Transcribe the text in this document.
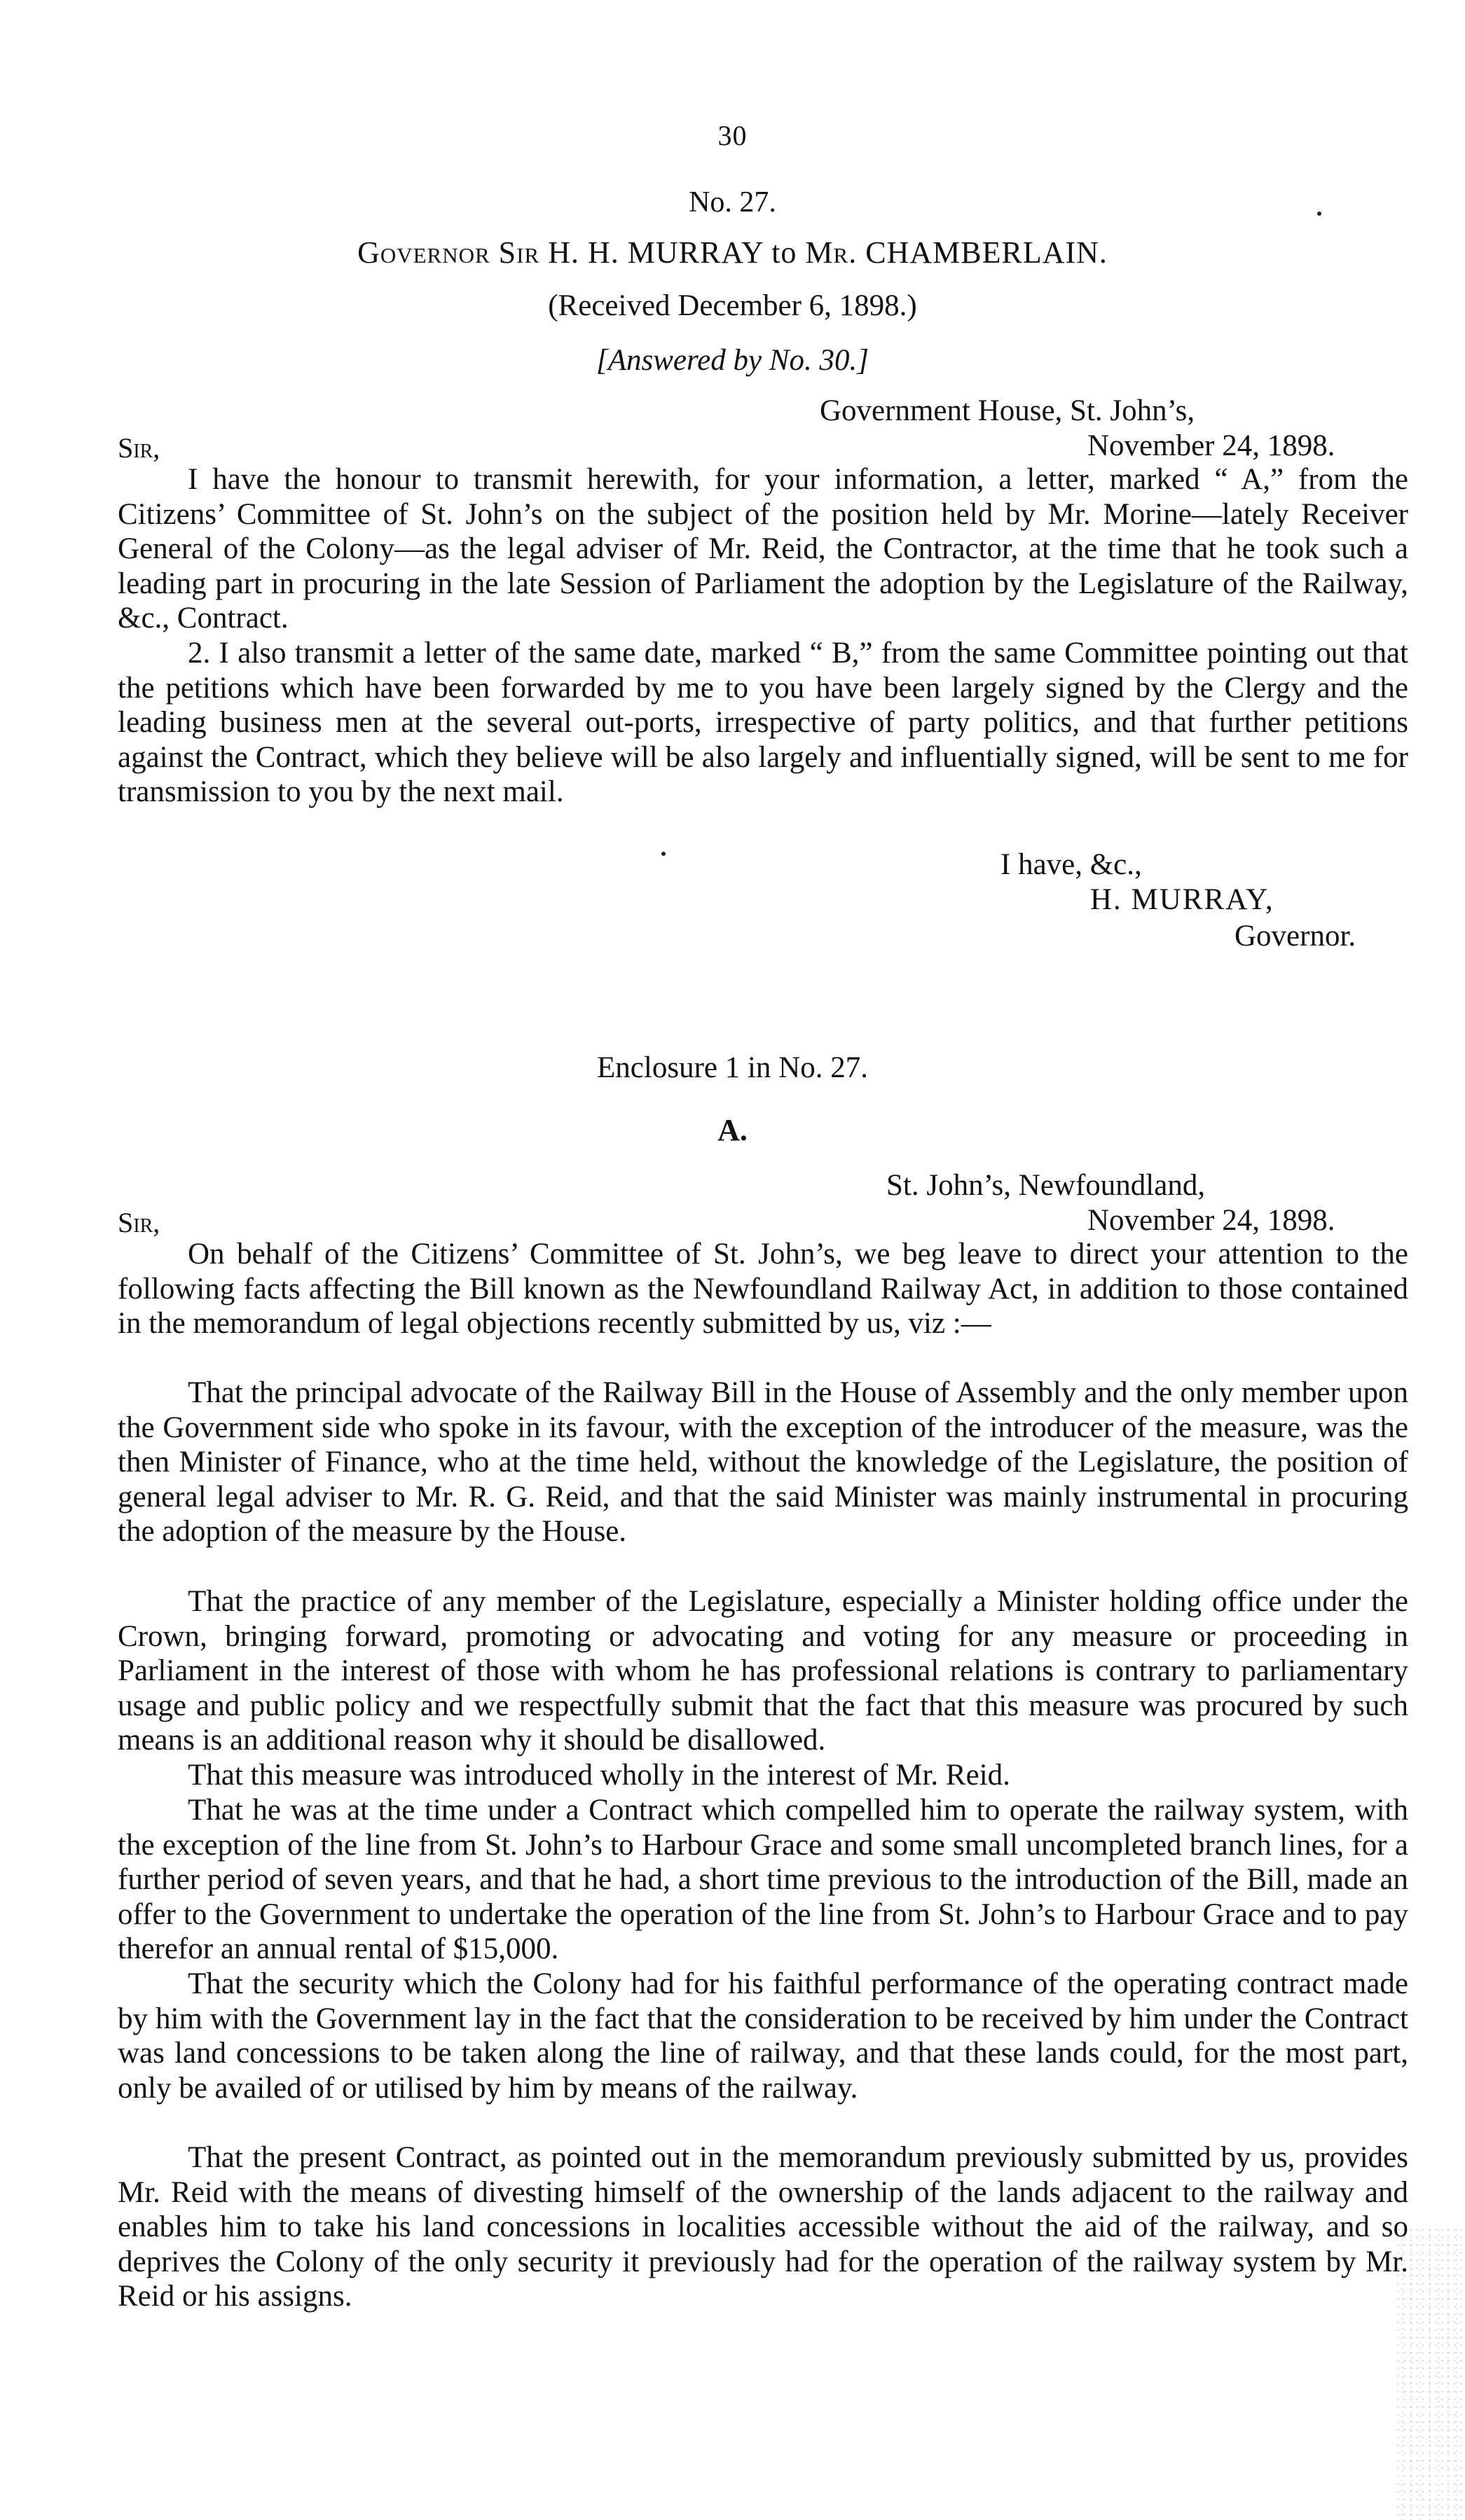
30
No. 27.
Governor Sir H. H. MURRAY to Mr. CHAMBERLAIN.
(Received December 6, 1898.)
[Answered by No. 30.]
Government House, St. John’s,
Sir,	November 24, 1898.
I have the honour to transmit herewith, for your information, a letter, marked “ A,” from the Citizens’ Committee of St. John’s on the subject of the position held by Mr. Morine—lately Receiver General of the Colony—as the legal adviser of Mr. Reid, the Contractor, at the time that he took such a leading part in procuring in the late Session of Parliament the adoption by the Legislature of the Railway, &c., Contract.
2. I also transmit a letter of the same date, marked “ B,” from the same Committee pointing out that the petitions which have been forwarded by me to you have been largely signed by the Clergy and the leading business men at the several out-ports, irrespective of party politics, and that further petitions against the Contract, which they believe will be also largely and influentially signed, will be sent to me for transmission to you by the next mail.
I have, &c.,
H. MURRAY,
Governor.
Enclosure 1 in No. 27.
A.
St. John’s, Newfoundland,
Sir,	November 24, 1898.
On behalf of the Citizens’ Committee of St. John’s, we beg leave to direct your attention to the following facts affecting the Bill known as the Newfoundland Railway Act, in addition to those contained in the memorandum of legal objections recently submitted by us, viz :—
That the principal advocate of the Railway Bill in the House of Assembly and the only member upon the Government side who spoke in its favour, with the exception of the introducer of the measure, was the then Minister of Finance, who at the time held, without the knowledge of the Legislature, the position of general legal adviser to Mr. R. G. Reid, and that the said Minister was mainly instrumental in procuring the adoption of the measure by the House.
That the practice of any member of the Legislature, especially a Minister holding office under the Crown, bringing forward, promoting or advocating and voting for any measure or proceeding in Parliament in the interest of those with whom he has professional relations is contrary to parliamentary usage and public policy and we respectfully submit that the fact that this measure was procured by such means is an additional reason why it should be disallowed.
That this measure was introduced wholly in the interest of Mr. Reid.
That he was at the time under a Contract which compelled him to operate the railway system, with the exception of the line from St. John’s to Harbour Grace and some small uncompleted branch lines, for a further period of seven years, and that he had, a short time previous to the introduction of the Bill, made an offer to the Government to undertake the operation of the line from St. John’s to Harbour Grace and to pay therefor an annual rental of $15,000.
That the security which the Colony had for his faithful performance of the operating contract made by him with the Government lay in the fact that the consideration to be received by him under the Contract was land concessions to be taken along the line of railway, and that these lands could, for the most part, only be availed of or utilised by him by means of the railway.
That the present Contract, as pointed out in the memorandum previously submitted by us, provides Mr. Reid with the means of divesting himself of the ownership of the lands adjacent to the railway and enables him to take his land concessions in localities accessible without the aid of the railway, and so deprives the Colony of the only security it previously had for the operation of the railway system by Mr. Reid or his assigns.
